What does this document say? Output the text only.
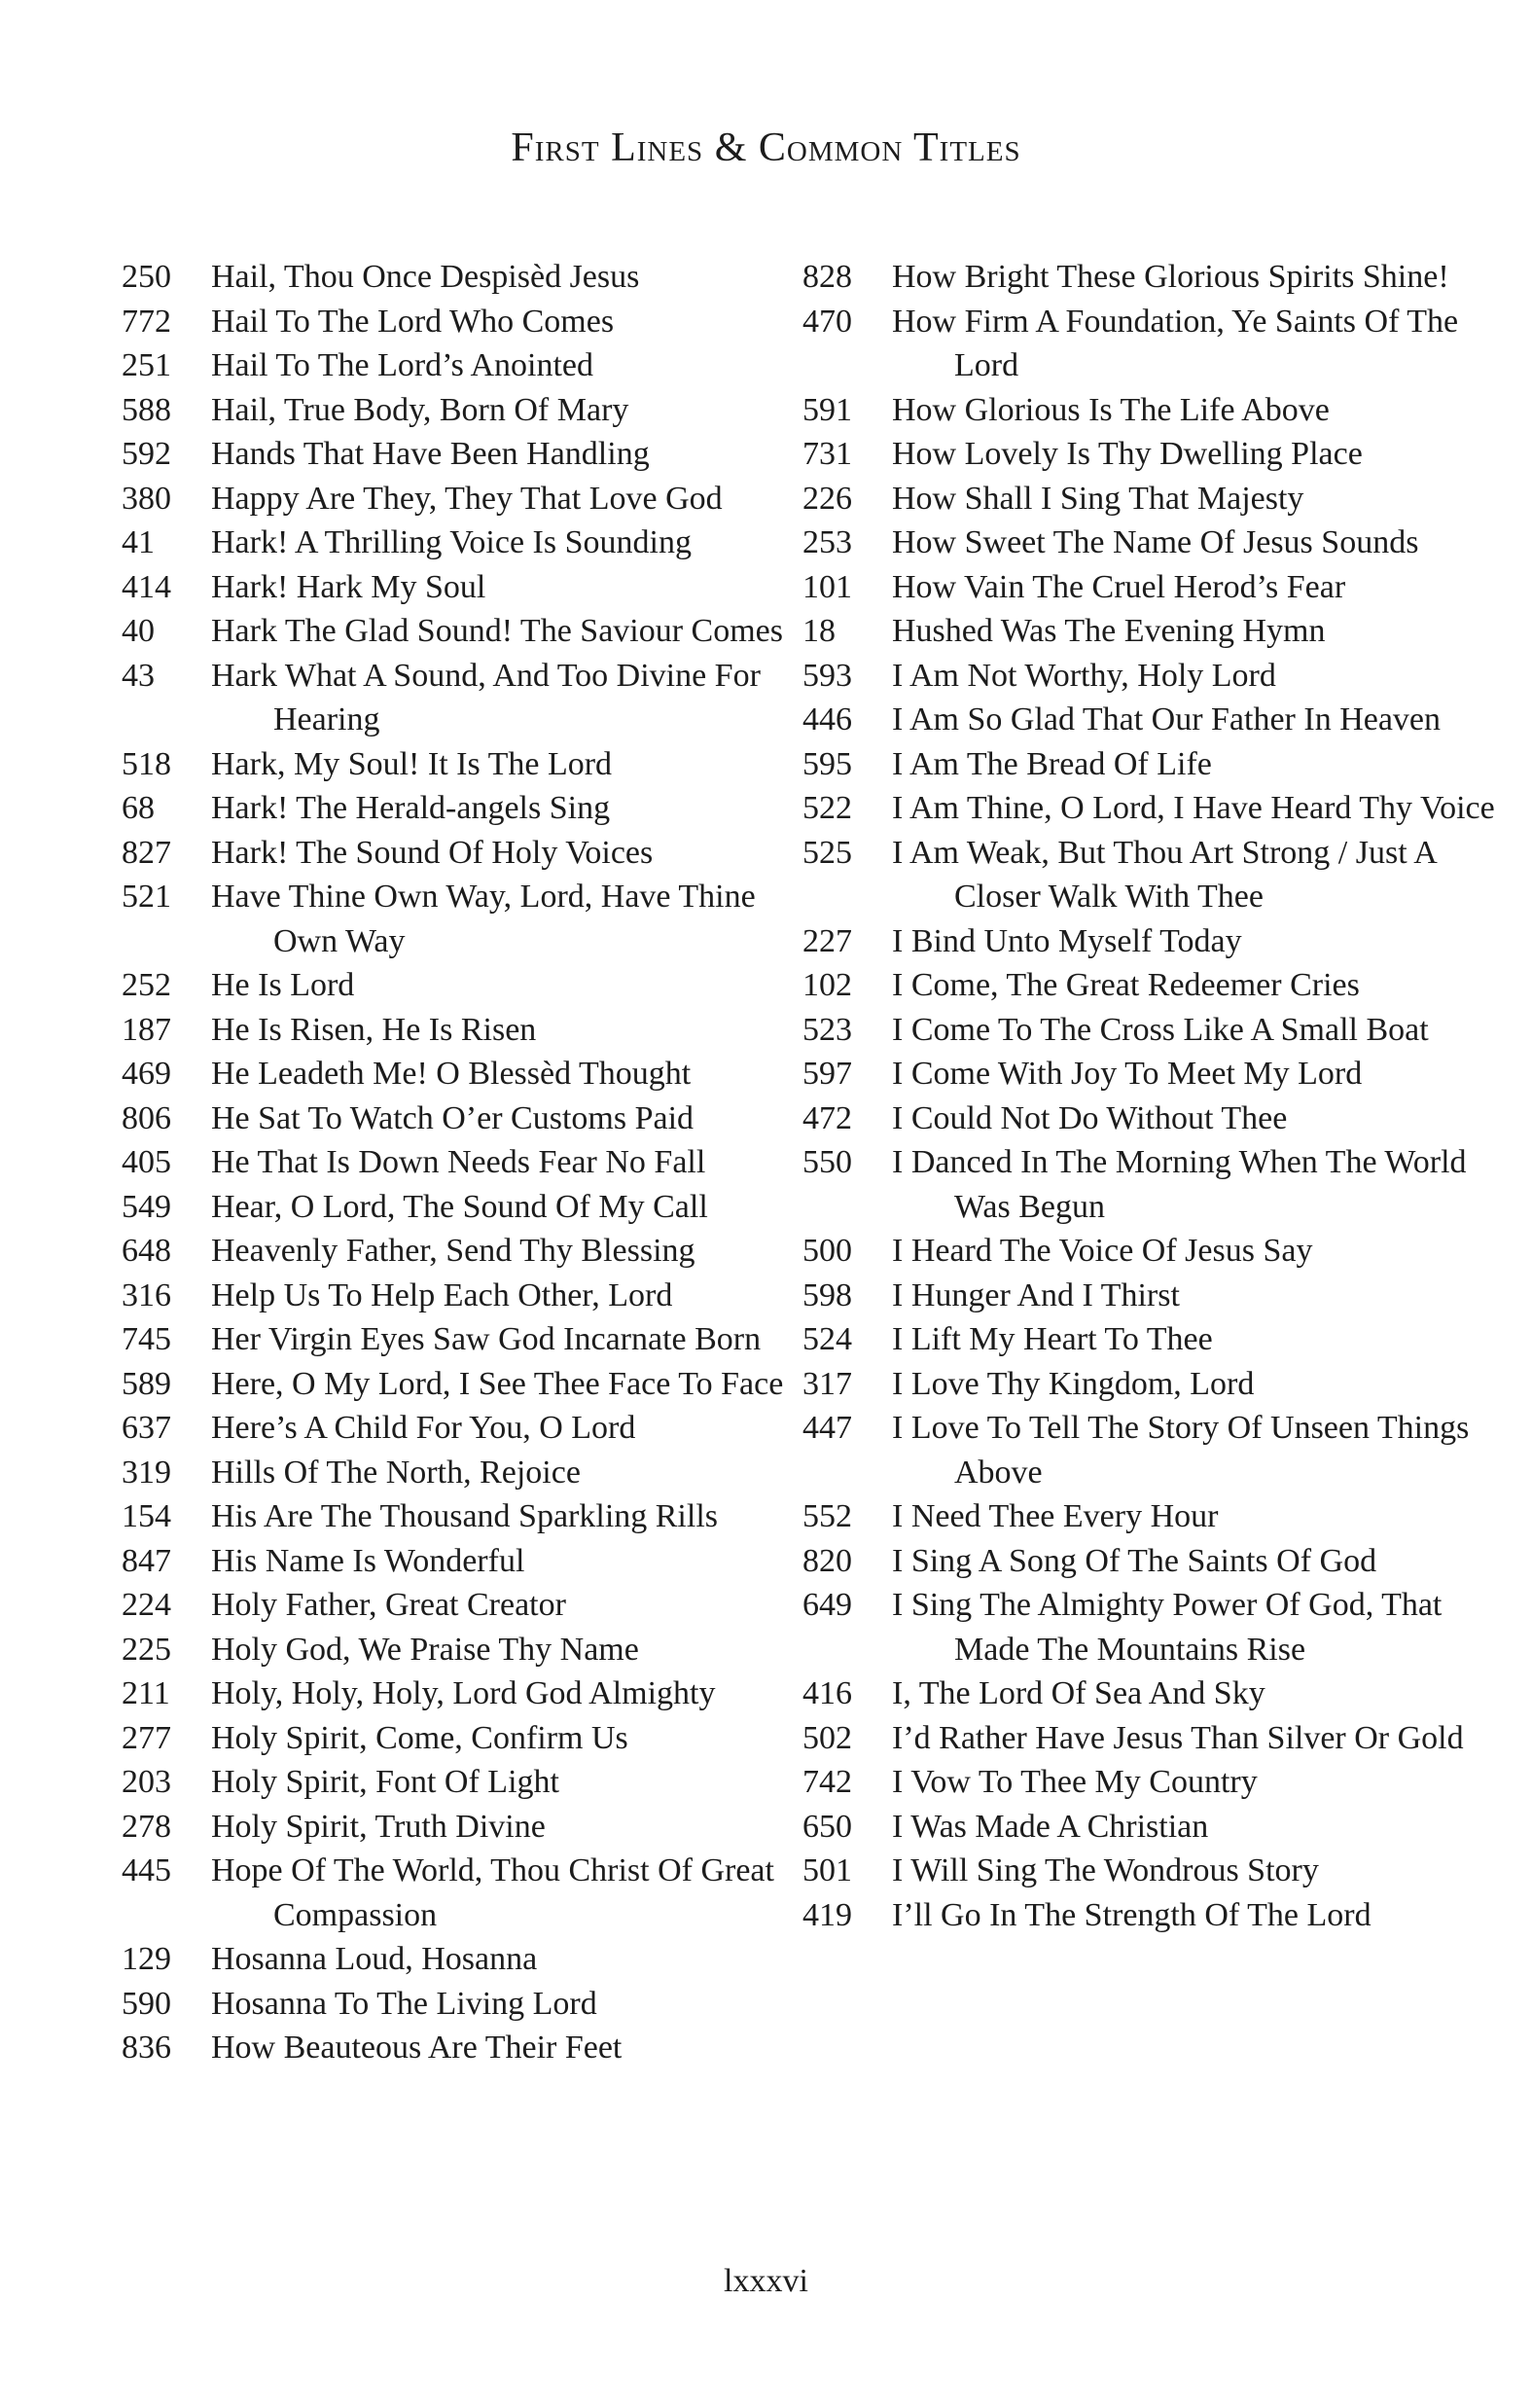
First Lines & Common Titles
250	Hail, Thou Once Despisèd Jesus
772	Hail To The Lord Who Comes
251	Hail To The Lord’s Anointed
588	Hail, True Body, Born Of Mary
592	Hands That Have Been Handling
380	Happy Are They, They That Love God
41	Hark! A Thrilling Voice Is Sounding
414	Hark! Hark My Soul
40	Hark The Glad Sound! The Saviour Comes
43	Hark What A Sound, And Too Divine For Hearing
518	Hark, My Soul! It Is The Lord
68	Hark! The Herald-angels Sing
827	Hark! The Sound Of Holy Voices
521	Have Thine Own Way, Lord, Have Thine Own Way
252	He Is Lord
187	He Is Risen, He Is Risen
469	He Leadeth Me! O Blessèd Thought
806	He Sat To Watch O’er Customs Paid
405	He That Is Down Needs Fear No Fall
549	Hear, O Lord, The Sound Of My Call
648	Heavenly Father, Send Thy Blessing
316	Help Us To Help Each Other, Lord
745	Her Virgin Eyes Saw God Incarnate Born
589	Here, O My Lord, I See Thee Face To Face
637	Here’s A Child For You, O Lord
319	Hills Of The North, Rejoice
154	His Are The Thousand Sparkling Rills
847	His Name Is Wonderful
224	Holy Father, Great Creator
225	Holy God, We Praise Thy Name
211	Holy, Holy, Holy, Lord God Almighty
277	Holy Spirit, Come, Confirm Us
203	Holy Spirit, Font Of Light
278	Holy Spirit, Truth Divine
445	Hope Of The World, Thou Christ Of Great Compassion
129	Hosanna Loud, Hosanna
590	Hosanna To The Living Lord
836	How Beauteous Are Their Feet
828	How Bright These Glorious Spirits Shine!
470	How Firm A Foundation, Ye Saints Of The Lord
591	How Glorious Is The Life Above
731	How Lovely Is Thy Dwelling Place
226	How Shall I Sing That Majesty
253	How Sweet The Name Of Jesus Sounds
101	How Vain The Cruel Herod’s Fear
18	Hushed Was The Evening Hymn
593	I Am Not Worthy, Holy Lord
446	I Am So Glad That Our Father In Heaven
595	I Am The Bread Of Life
522	I Am Thine, O Lord, I Have Heard Thy Voice
525	I Am Weak, But Thou Art Strong / Just A Closer Walk With Thee
227	I Bind Unto Myself Today
102	I Come, The Great Redeemer Cries
523	I Come To The Cross Like A Small Boat
597	I Come With Joy To Meet My Lord
472	I Could Not Do Without Thee
550	I Danced In The Morning When The World Was Begun
500	I Heard The Voice Of Jesus Say
598	I Hunger And I Thirst
524	I Lift My Heart To Thee
317	I Love Thy Kingdom, Lord
447	I Love To Tell The Story Of Unseen Things Above
552	I Need Thee Every Hour
820	I Sing A Song Of The Saints Of God
649	I Sing The Almighty Power Of God, That Made The Mountains Rise
416	I, The Lord Of Sea And Sky
502	I’d Rather Have Jesus Than Silver Or Gold
742	I Vow To Thee My Country
650	I Was Made A Christian
501	I Will Sing The Wondrous Story
419	I’ll Go In The Strength Of The Lord
lxxxvi
